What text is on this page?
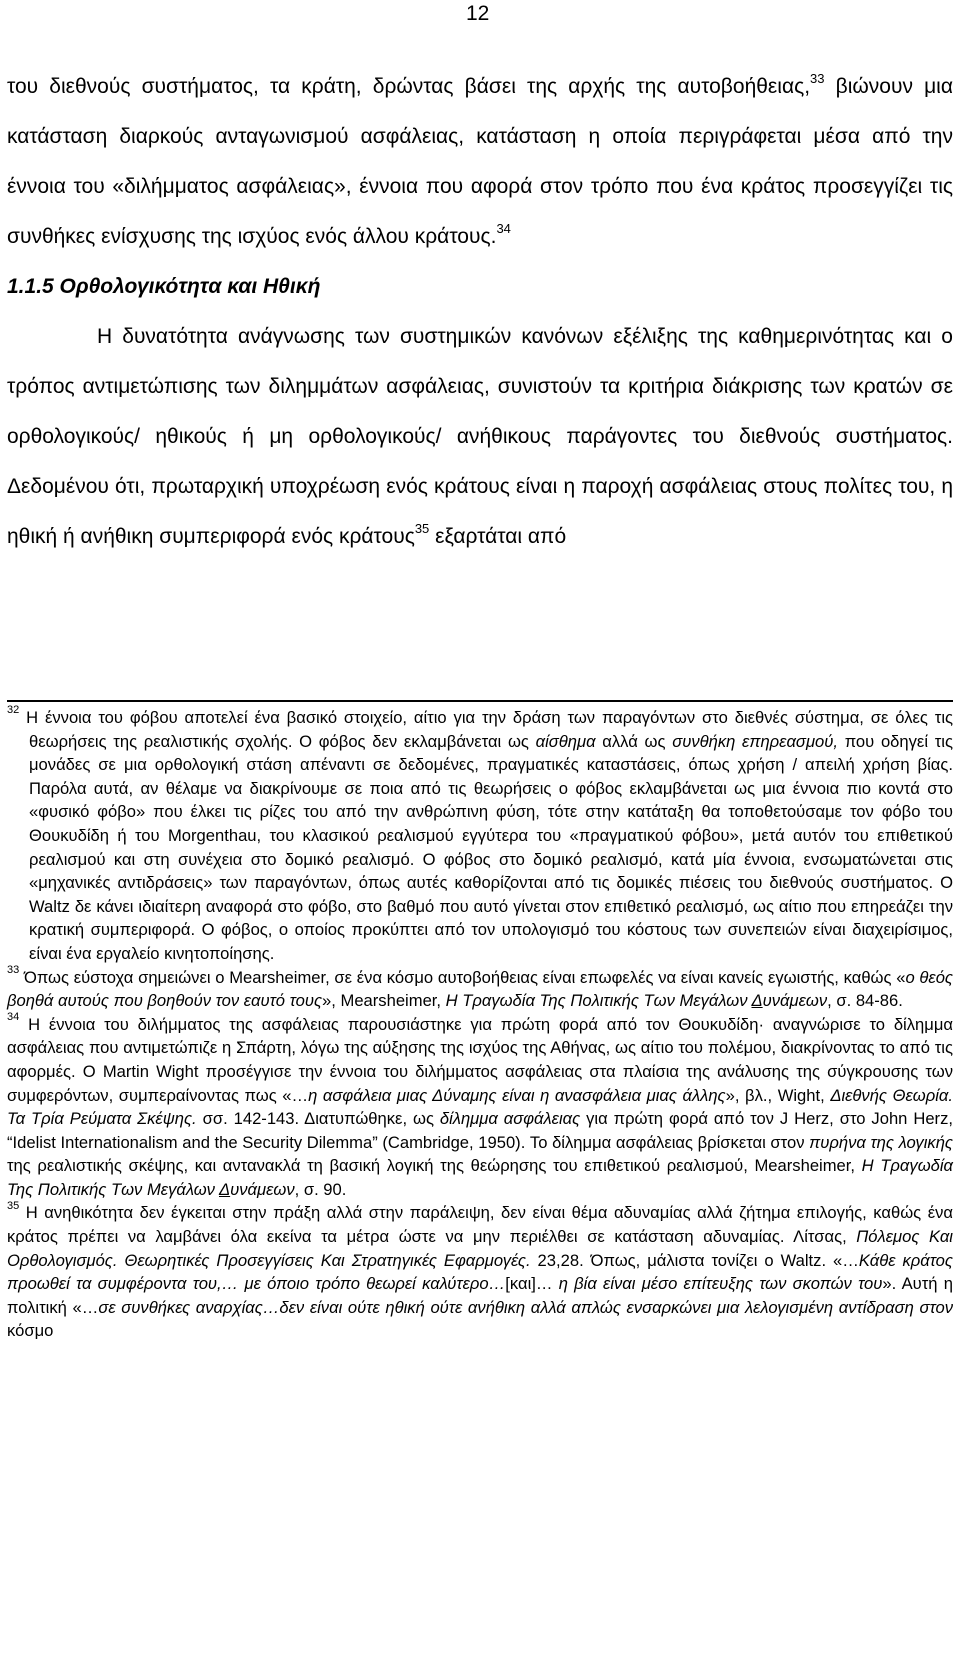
12

του διεθνούς συστήματος, τα κράτη, δρώντας βάσει της αρχής της αυτοβοήθειας,$^{33}$ βιώνουν μια κατάσταση διαρκούς ανταγωνισμού ασφάλειας, κατάσταση η οποία περιγράφεται μέσα από την έννοια του «διλήμματος ασφάλειας», έννοια που αφορά στον τρόπο που ένα κράτος προσεγγίζει τις συνθήκες ενίσχυσης της ισχύος ενός άλλου κράτους.$^{34}$

1.1.5 Ορθολογικότητα και Ηθική

Η δυνατότητα ανάγνωσης των συστημικών κανόνων εξέλιξης της καθημερινότητας και ο τρόπος αντιμετώπισης των διλημμάτων ασφάλειας, συνιστούν τα κριτήρια διάκρισης των κρατών σε ορθολογικούς/ ηθικούς ή μη ορθολογικούς/ ανήθικους παράγοντες του διεθνούς συστήματος. Δεδομένου ότι, πρωταρχική υποχρέωση ενός κράτους είναι η παροχή ασφάλειας στους πολίτες του, η ηθική ή ανήθικη συμπεριφορά ενός κράτους$^{35}$ εξαρτάται από

$^{32}$ Η έννοια του φόβου αποτελεί ένα βασικό στοιχείο, αίτιο για την δράση των παραγόντων στο διεθνές σύστημα, σε όλες τις θεωρήσεις της ρεαλιστικής σχολής. Ο φόβος δεν εκλαμβάνεται ως αίσθημα αλλά ως συνθήκη επηρεασμού, που οδηγεί τις μονάδες σε μια ορθολογική στάση απέναντι σε δεδομένες, πραγματικές καταστάσεις, όπως χρήση / απειλή χρήση βίας. Παρόλα αυτά, αν θέλαμε να διακρίνουμε σε ποια από τις θεωρήσεις ο φόβος εκλαμβάνεται ως μια έννοια πιο κοντά στο «φυσικό φόβο» που έλκει τις ρίζες του από την ανθρώπινη φύση, τότε στην κατάταξη θα τοποθετούσαμε τον φόβο του Θουκυδίδη ή του Morgenthau, του κλασικού ρεαλισμού εγγύτερα του «πραγματικού φόβου», μετά αυτόν του επιθετικού ρεαλισμού και στη συνέχεια στο δομικό ρεαλισμό. Ο φόβος στο δομικό ρεαλισμό, κατά μία έννοια, ενσωματώνεται στις «μηχανικές αντιδράσεις» των παραγόντων, όπως αυτές καθορίζονται από τις δομικές πιέσεις του διεθνούς συστήματος. Ο Waltz δε κάνει ιδιαίτερη αναφορά στο φόβο, στο βαθμό που αυτό γίνεται στον επιθετικό ρεαλισμό, ως αίτιο που επηρεάζει την κρατική συμπεριφορά. Ο φόβος, ο οποίος προκύπτει από τον υπολογισμό του κόστους των συνεπειών είναι διαχειρίσιμος, είναι ένα εργαλείο κινητοποίησης.

$^{33}$ Όπως εύστοχα σημειώνει ο Mearsheimer, σε ένα κόσμο αυτοβοήθειας είναι επωφελές να είναι κανείς εγωιστής, καθώς «ο θεός βοηθά αυτούς που βοηθούν τον εαυτό τους», Mearsheimer, Η Τραγωδία Της Πολιτικής Των Μεγάλων Δυνάμεων, σ. 84-86.

$^{34}$ Η έννοια του διλήμματος της ασφάλειας παρουσιάστηκε για πρώτη φορά από τον Θουκυδίδη· αναγνώρισε το δίλημμα ασφάλειας που αντιμετώπιζε η Σπάρτη, λόγω της αύξησης της ισχύος της Αθήνας, ως αίτιο του πολέμου, διακρίνοντας το από τις αφορμές. Ο Martin Wight προσέγγισε την έννοια του διλήμματος ασφάλειας στα πλαίσια της ανάλυσης της σύγκρουσης των συμφερόντων, συμπεραίνοντας πως «…η ασφάλεια μιας Δύναμης είναι η ανασφάλεια μιας άλλης», βλ., Wight, Διεθνής Θεωρία. Τα Τρία Ρεύματα Σκέψης. σσ. 142-143. Διατυπώθηκε, ως δίλημμα ασφάλειας για πρώτη φορά από τον J Herz, στο John Herz, “Idelist Internationalism and the Security Dilemma” (Cambridge, 1950). Το δίλημμα ασφάλειας βρίσκεται στον πυρήνα της λογικής της ρεαλιστικής σκέψης, και αντανακλά τη βασική λογική της θεώρησης του επιθετικού ρεαλισμού, Mearsheimer, Η Τραγωδία Της Πολιτικής Των Μεγάλων Δυνάμεων, σ. 90.

$^{35}$ Η ανηθικότητα δεν έγκειται στην πράξη αλλά στην παράλειψη, δεν είναι θέμα αδυναμίας αλλά ζήτημα επιλογής, καθώς ένα κράτος πρέπει να λαμβάνει όλα εκείνα τα μέτρα ώστε να μην περιέλθει σε κατάσταση αδυναμίας. Λίτσας, Πόλεμος Και Ορθολογισμός. Θεωρητικές Προσεγγίσεις Και Στρατηγικές Εφαρμογές. 23,28. Όπως, μάλιστα τονίζει ο Waltz. «…Κάθε κράτος προωθεί τα συμφέροντα του,… με όποιο τρόπο θεωρεί καλύτερο…[και]… η βία είναι μέσο επίτευξης των σκοπών του». Αυτή η πολιτική «…σε συνθήκες αναρχίας…δεν είναι ούτε ηθική ούτε ανήθικη αλλά απλώς ενσαρκώνει μια λελογισμένη αντίδραση στον κόσμο
